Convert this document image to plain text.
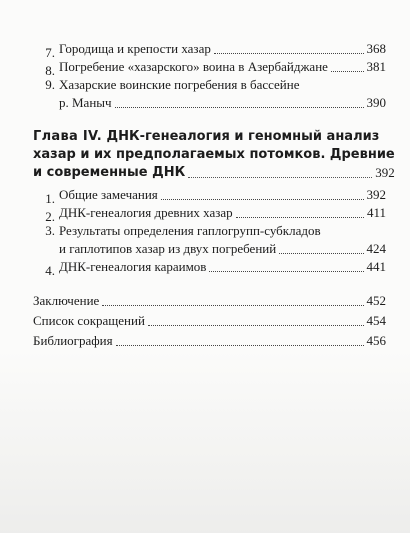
7. Городища и крепости хазар	368
8. Погребение «хазарского» воина в Азербайджане	381
9. Хазарские воинские погребения в бассейне
р. Маныч	390
Глава IV. ДНК-генеалогия и геномный анализ
хазар и их предполагаемых потомков. Древние
и современные ДНК	392
1. Общие замечания	392
2. ДНК-генеалогия древних хазар	411
3. Результаты определения гаплогрупп-субкладов
и гаплотипов хазар из двух погребений	424
4. ДНК-генеалогия караимов	441
Заключение	452
Список сокращений	454
Библиография	456
